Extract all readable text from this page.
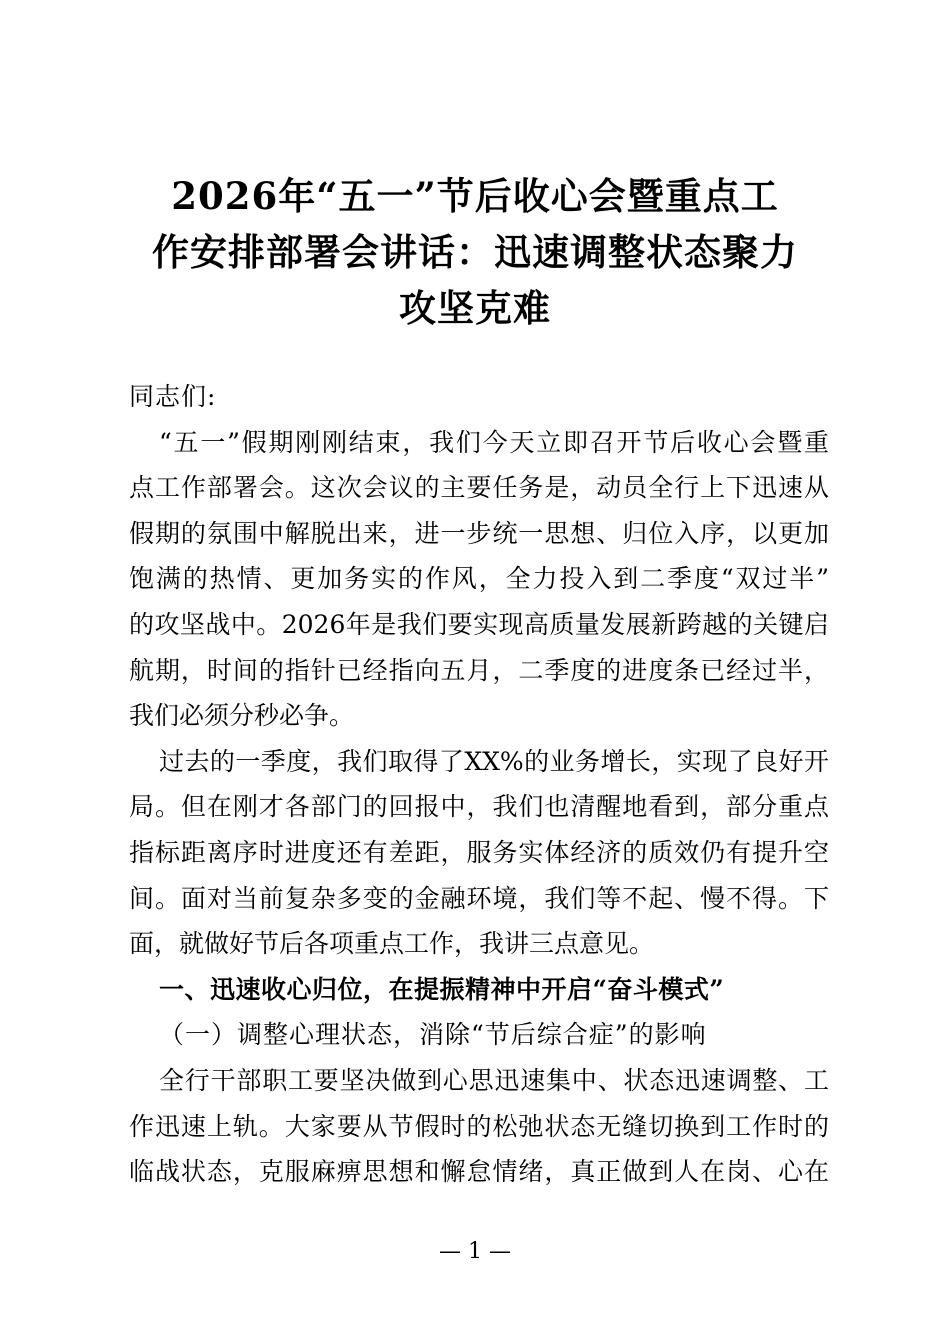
2026年“五一”节后收心会暨重点工
作安排部署会讲话：迅速调整状态聚力
攻坚克难
同志们:
“五一”假期刚刚结束，我们今天立即召开节后收心会暨重
点工作部署会。这次会议的主要任务是，动员全行上下迅速从
假期的氛围中解脱出来，进一步统一思想、归位入序，以更加
饱满的热情、更加务实的作风，全力投入到二季度“双过半”
的攻坚战中。2026年是我们要实现高质量发展新跨越的关键启
航期，时间的指针已经指向五月，二季度的进度条已经过半，
我们必须分秒必争。
过去的一季度，我们取得了XX%的业务增长，实现了良好开
局。但在刚才各部门的回报中，我们也清醒地看到，部分重点
指标距离序时进度还有差距，服务实体经济的质效仍有提升空
间。面对当前复杂多变的金融环境，我们等不起、慢不得。下
面，就做好节后各项重点工作，我讲三点意见。
一、迅速收心归位，在提振精神中开启“奋斗模式”
（一）调整心理状态，消除“节后综合症”的影响
全行干部职工要坚决做到心思迅速集中、状态迅速调整、工
作迅速上轨。大家要从节假时的松弛状态无缝切换到工作时的
临战状态，克服麻痹思想和懈怠情绪，真正做到人在岗、心在
— 1 —
